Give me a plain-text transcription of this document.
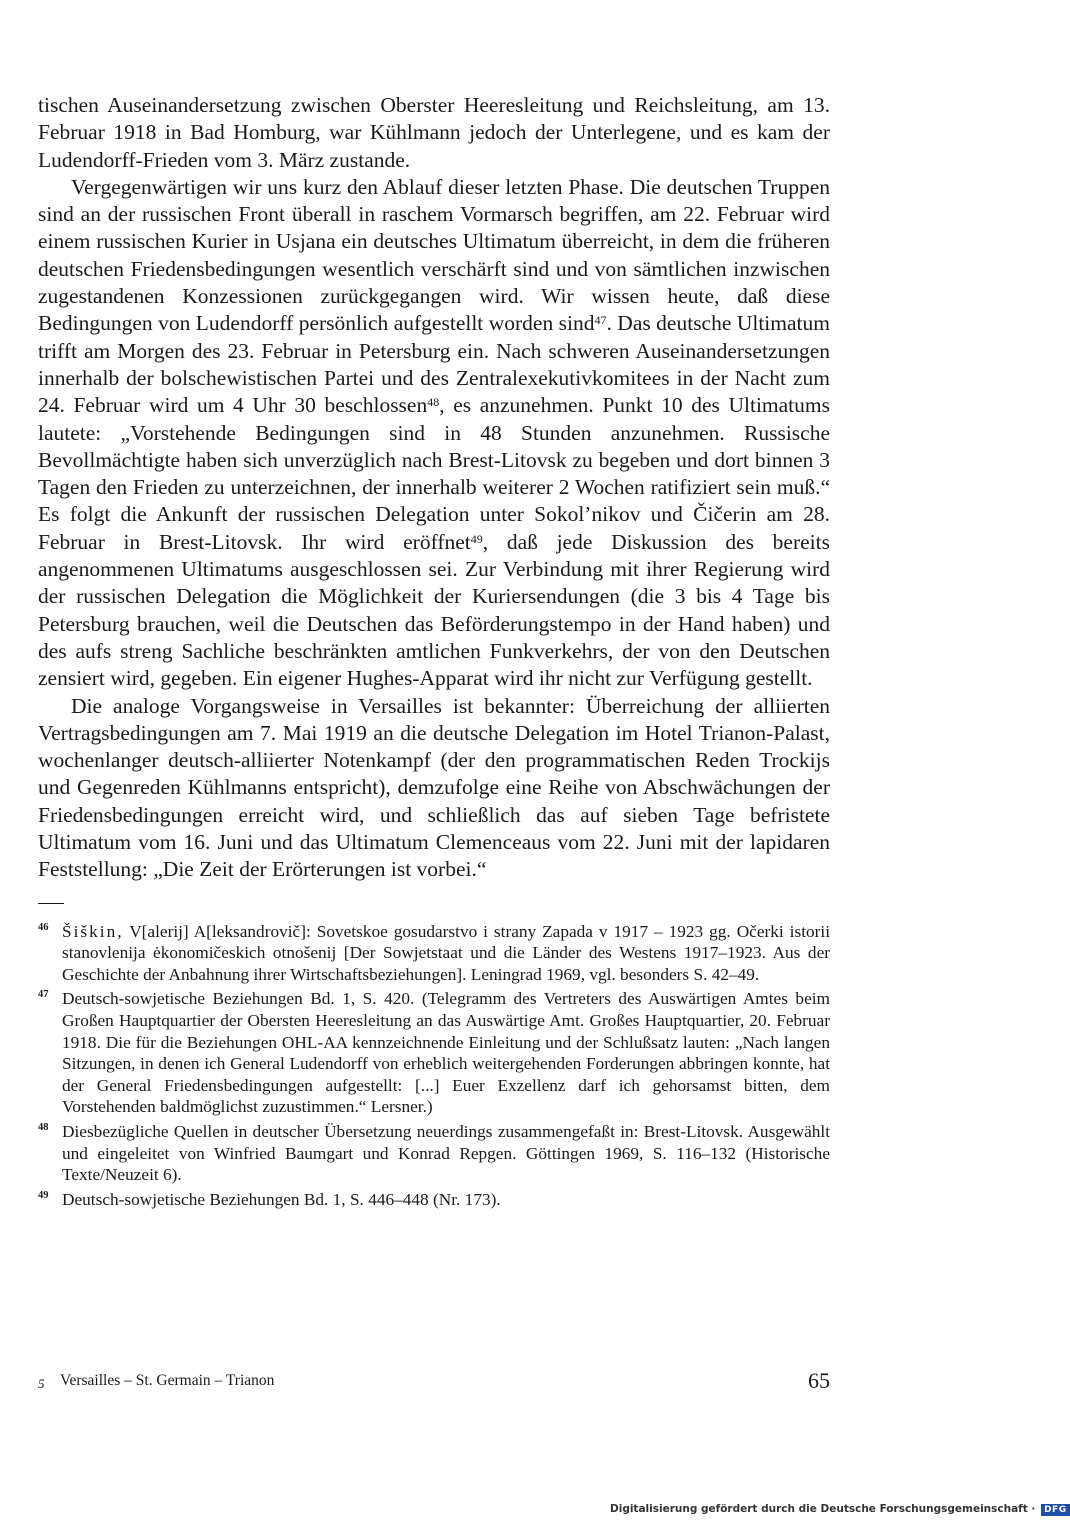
tischen Auseinandersetzung zwischen Oberster Heeresleitung und Reichsleitung, am 13. Februar 1918 in Bad Homburg, war Kühlmann jedoch der Unterlegene, und es kam der Ludendorff-Frieden vom 3. März zustande.

Vergegenwärtigen wir uns kurz den Ablauf dieser letzten Phase. Die deutschen Truppen sind an der russischen Front überall in raschem Vormarsch begriffen, am 22. Februar wird einem russischen Kurier in Usjana ein deutsches Ultimatum überreicht, in dem die früheren deutschen Friedensbedingungen wesentlich verschärft sind und von sämtlichen inzwischen zugestandenen Konzessionen zurückgegangen wird. Wir wissen heute, daß diese Bedingungen von Ludendorff persönlich aufgestellt worden sind$^{47}$. Das deutsche Ultimatum trifft am Morgen des 23. Februar in Petersburg ein. Nach schweren Auseinandersetzungen innerhalb der bolschewistischen Partei und des Zentralexekutivkomitees in der Nacht zum 24. Februar wird um 4 Uhr 30 beschlossen$^{48}$, es anzunehmen. Punkt 10 des Ultimatums lautete: „Vorstehende Bedingungen sind in 48 Stunden anzunehmen. Russische Bevollmächtigte haben sich unverzüglich nach Brest-Litovsk zu begeben und dort binnen 3 Tagen den Frieden zu unterzeichnen, der innerhalb weiterer 2 Wochen ratifiziert sein muß.“ Es folgt die Ankunft der russischen Delegation unter Sokol’nikov und Čičerin am 28. Februar in Brest-Litovsk. Ihr wird eröffnet$^{49}$, daß jede Diskussion des bereits angenommenen Ultimatums ausgeschlossen sei. Zur Verbindung mit ihrer Regierung wird der russischen Delegation die Möglichkeit der Kuriersendungen (die 3 bis 4 Tage bis Petersburg brauchen, weil die Deutschen das Beförderungstempo in der Hand haben) und des aufs streng Sachliche beschränkten amtlichen Funkverkehrs, der von den Deutschen zensiert wird, gegeben. Ein eigener Hughes-Apparat wird ihr nicht zur Verfügung gestellt.

Die analoge Vorgangsweise in Versailles ist bekannter: Überreichung der alliierten Vertragsbedingungen am 7. Mai 1919 an die deutsche Delegation im Hotel Trianon-Palast, wochenlanger deutsch-alliierter Notenkampf (der den programmatischen Reden Trockijs und Gegenreden Kühlmanns entspricht), demzufolge eine Reihe von Abschwächungen der Friedensbedingungen erreicht wird, und schließlich das auf sieben Tage befristete Ultimatum vom 16. Juni und das Ultimatum Clemenceaus vom 22. Juni mit der lapidaren Feststellung: „Die Zeit der Erörterungen ist vorbei.“

46 Šiškin, V[alerij] A[leksandrovič]: Sovetskoe gosudarstvo i strany Zapada v 1917 – 1923 gg. Očerki istorii stanovlenija ėkonomičeskich otnošenij [Der Sowjetstaat und die Länder des Westens 1917–1923. Aus der Geschichte der Anbahnung ihrer Wirtschaftsbeziehungen]. Leningrad 1969, vgl. besonders S. 42–49.
47 Deutsch-sowjetische Beziehungen Bd. 1, S. 420. (Telegramm des Vertreters des Auswärtigen Amtes beim Großen Hauptquartier der Obersten Heeresleitung an das Auswärtige Amt. Großes Hauptquartier, 20. Februar 1918. Die für die Beziehungen OHL-AA kennzeichnende Einleitung und der Schlußsatz lauten: „Nach langen Sitzungen, in denen ich General Ludendorff von erheblich weitergehenden Forderungen abbringen konnte, hat der General Friedensbedingungen aufgestellt: [...] Euer Exzellenz darf ich gehorsamst bitten, dem Vorstehenden baldmöglichst zuzustimmen.“ Lersner.)
48 Diesbezügliche Quellen in deutscher Übersetzung neuerdings zusammengefaßt in: Brest-Litovsk. Ausgewählt und eingeleitet von Winfried Baumgart und Konrad Repgen. Göttingen 1969, S. 116–132 (Historische Texte/Neuzeit 6).
49 Deutsch-sowjetische Beziehungen Bd. 1, S. 446–448 (Nr. 173).
5 Versailles – St. Germain – Trianon	65
Digitalisierung gefördert durch die Deutsche Forschungsgemeinschaft · DFG
